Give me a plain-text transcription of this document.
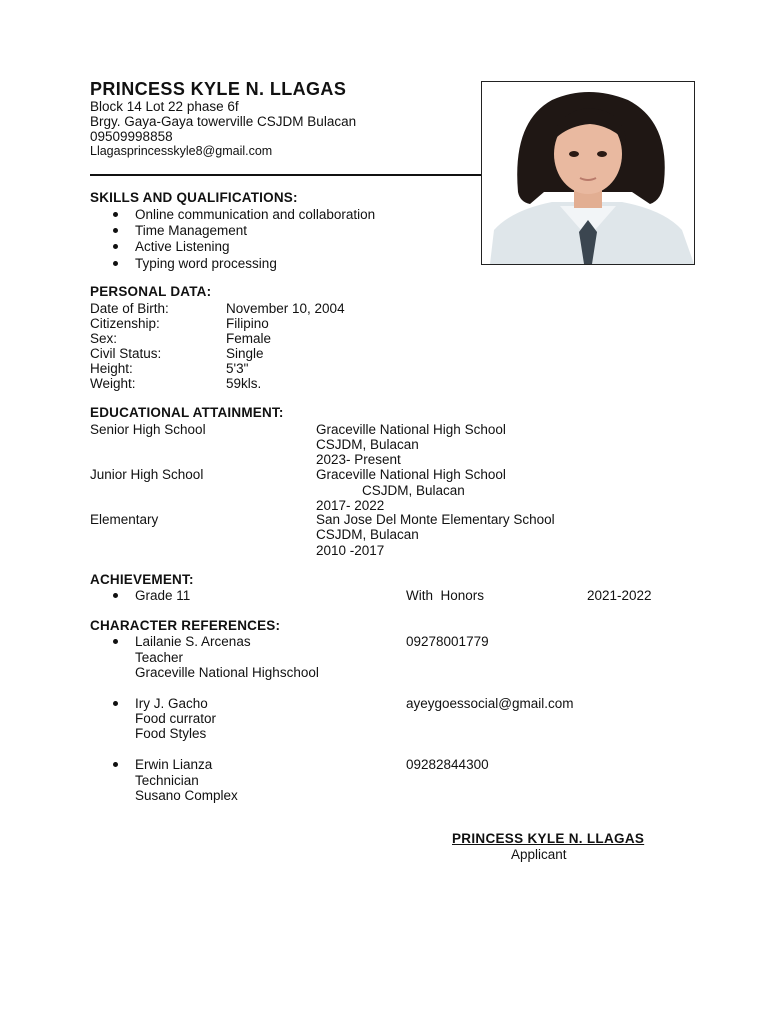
PRINCESS KYLE N. LLAGAS
Block 14 Lot 22 phase 6f
Brgy. Gaya-Gaya towerville CSJDM Bulacan
09509998858
Llagasprincesskyle8@gmail.com
SKILLS AND QUALIFICATIONS:
Online communication and collaboration
Time Management
Active Listening
Typing word processing
PERSONAL DATA:
Date of Birth:	November 10, 2004
Citizenship:	Filipino
Sex:	Female
Civil Status:	Single
Height:	5'3"
Weight:	59kls.
EDUCATIONAL ATTAINMENT:
Senior High School	Graceville National High School
CSJDM, Bulacan
2023- Present
Junior High School	Graceville National High School
CSJDM, Bulacan
2017- 2022
Elementary	San Jose Del Monte Elementary School
CSJDM, Bulacan
2010 -2017
ACHIEVEMENT:
Grade 11	With  Honors	2021-2022
CHARACTER REFERENCES:
Lailanie S. Arcenas	09278001779
Teacher
Graceville National Highschool
Iry J. Gacho	ayeygoessocial@gmail.com
Food currator
Food Styles
Erwin Lianza	09282844300
Technician
Susano Complex
PRINCESS KYLE N. LLAGAS
Applicant
